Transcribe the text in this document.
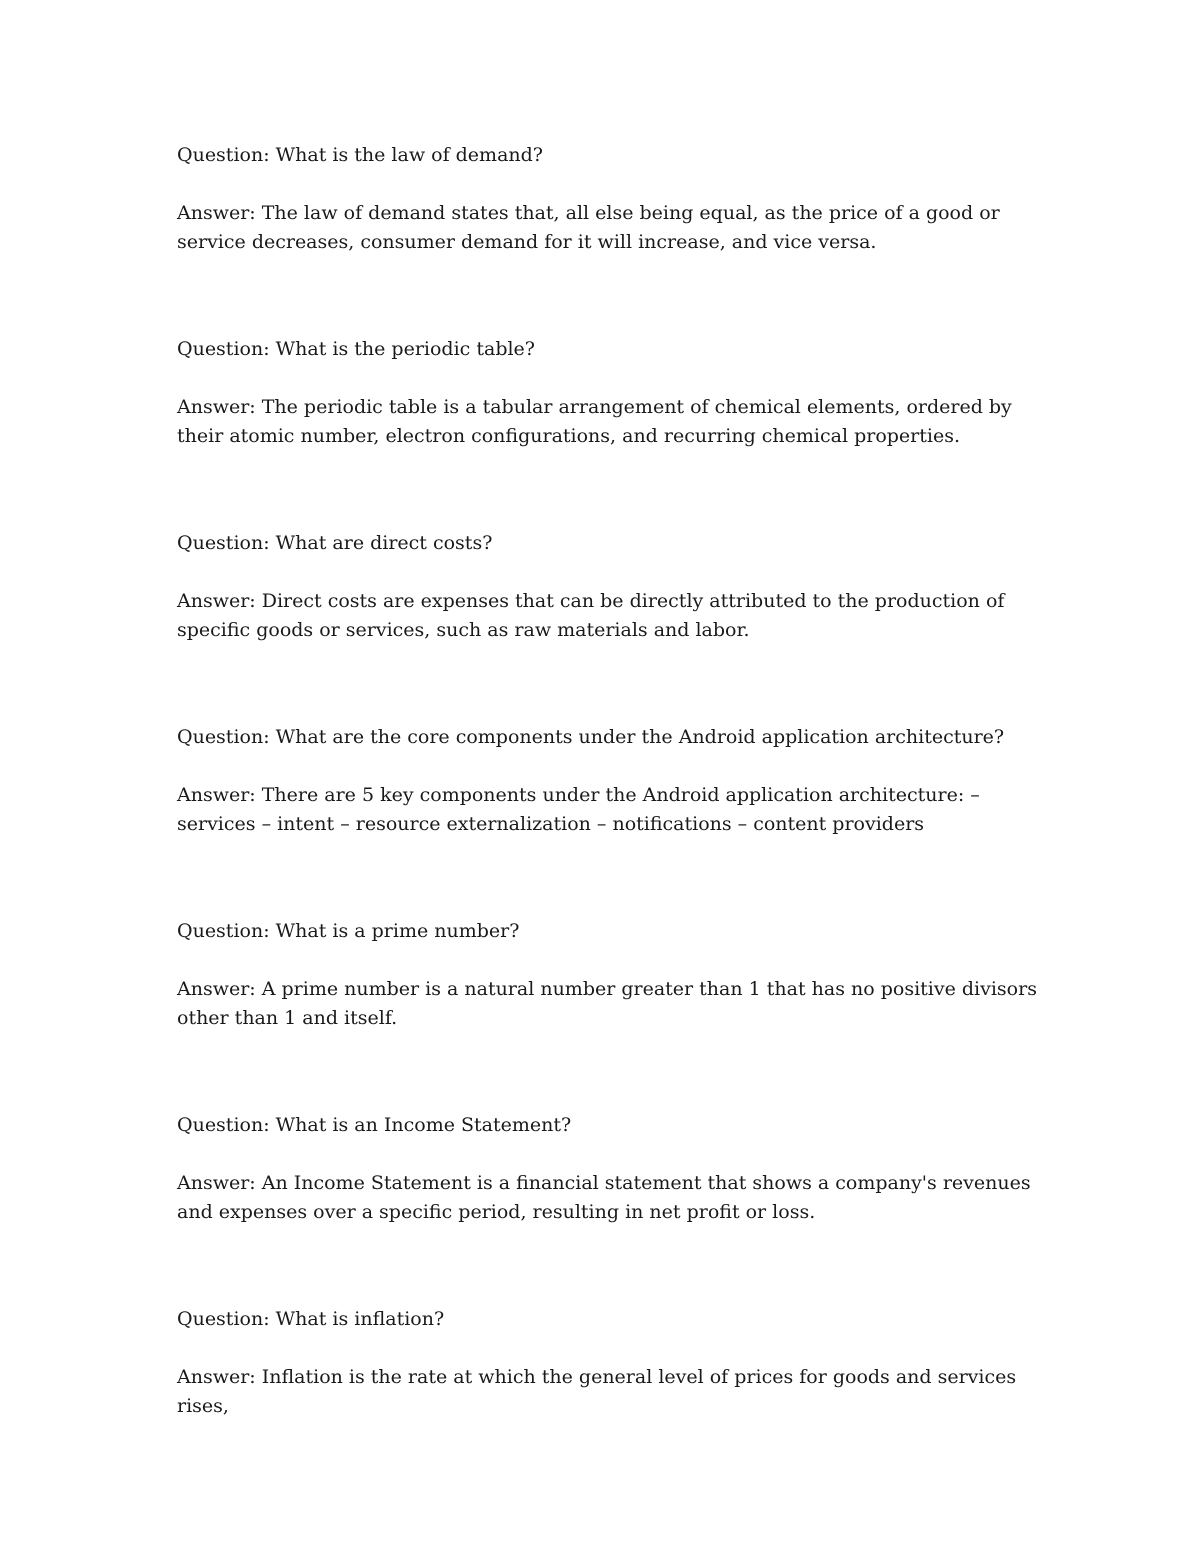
Question: What is the law of demand?

Answer: The law of demand states that, all else being equal, as the price of a good or service decreases, consumer demand for it will increase, and vice versa.

Question: What is the periodic table?

Answer: The periodic table is a tabular arrangement of chemical elements, ordered by their atomic number, electron configurations, and recurring chemical properties.

Question: What are direct costs?

Answer: Direct costs are expenses that can be directly attributed to the production of specific goods or services, such as raw materials and labor.

Question: What are the core components under the Android application architecture?

Answer: There are 5 key components under the Android application architecture: – services – intent – resource externalization – notifications – content providers

Question: What is a prime number?

Answer: A prime number is a natural number greater than 1 that has no positive divisors other than 1 and itself.

Question: What is an Income Statement?

Answer: An Income Statement is a financial statement that shows a company's revenues and expenses over a specific period, resulting in net profit or loss.

Question: What is inflation?

Answer: Inflation is the rate at which the general level of prices for goods and services rises,
